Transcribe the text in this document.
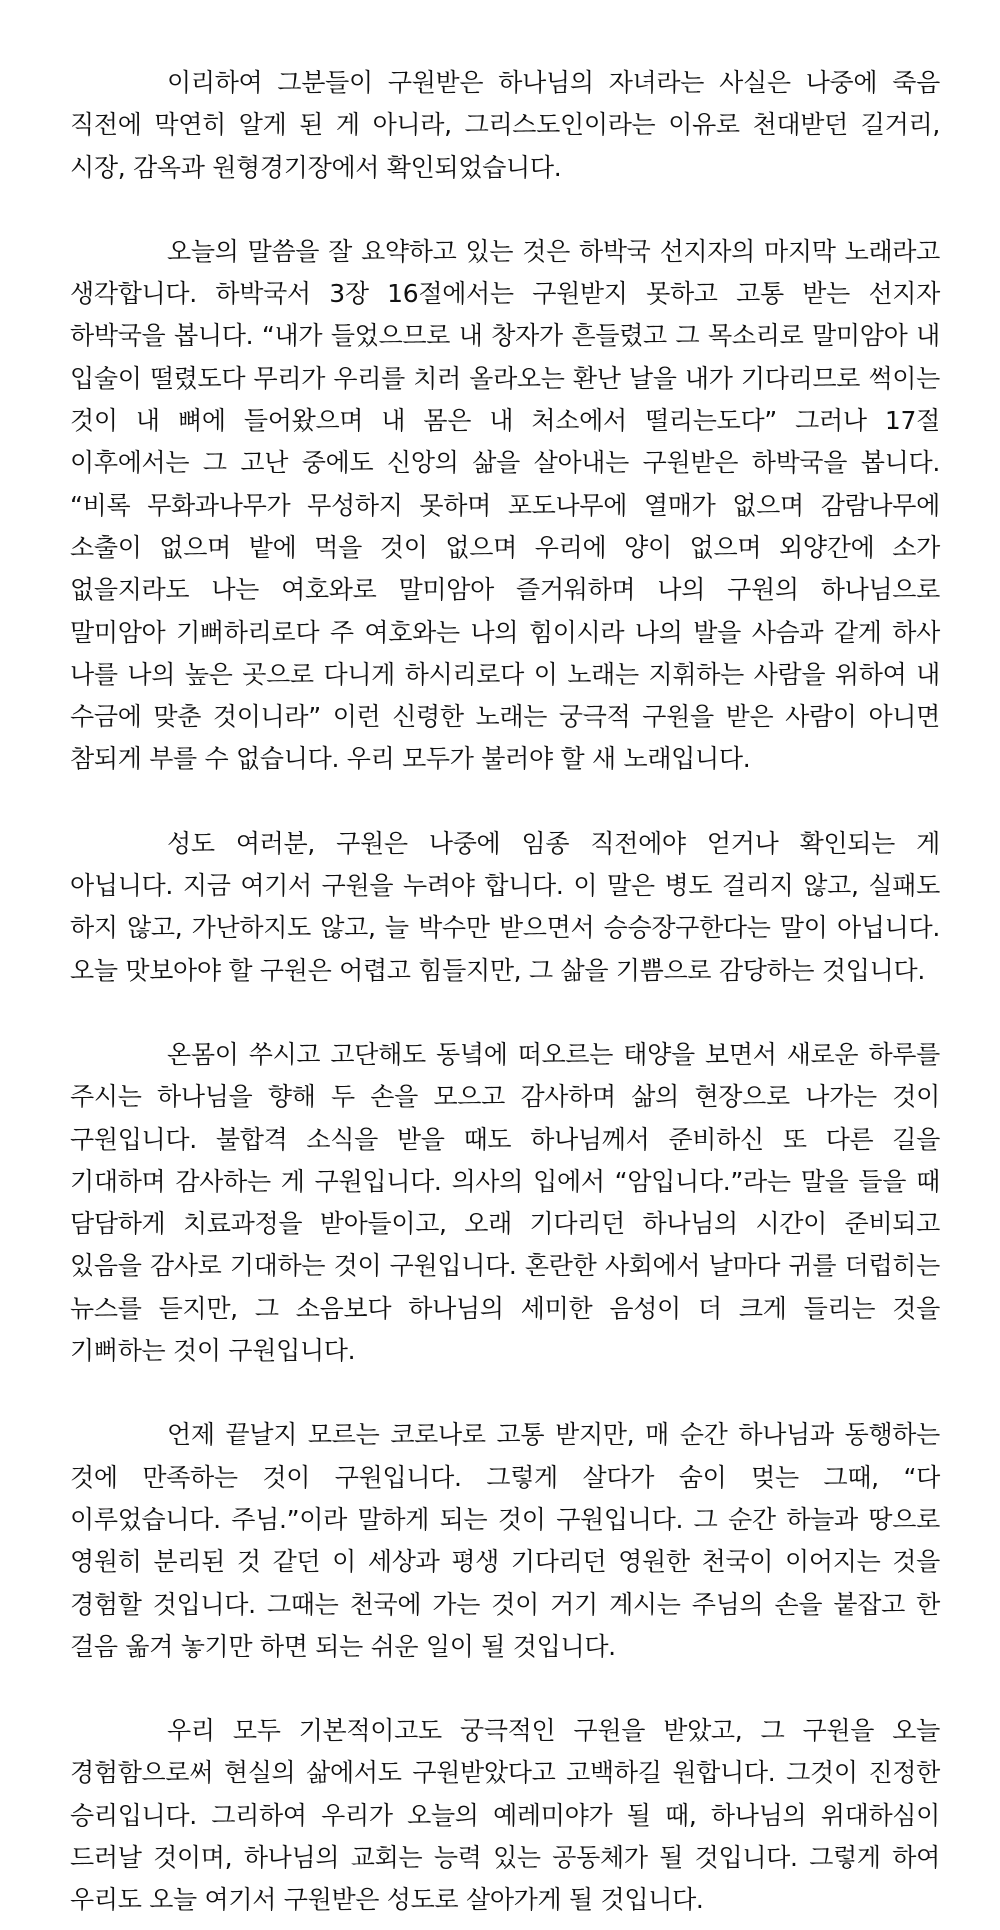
이리하여 그분들이 구원받은 하나님의 자녀라는 사실은 나중에 죽음 직전에 막연히 알게 된 게 아니라, 그리스도인이라는 이유로 천대받던 길거리, 시장, 감옥과 원형경기장에서 확인되었습니다.

오늘의 말씀을 잘 요약하고 있는 것은 하박국 선지자의 마지막 노래라고 생각합니다. 하박국서 3장 16절에서는 구원받지 못하고 고통 받는 선지자 하박국을 봅니다. “내가 들었으므로 내 창자가 흔들렸고 그 목소리로 말미암아 내 입술이 떨렸도다 무리가 우리를 치러 올라오는 환난 날을 내가 기다리므로 썩이는 것이 내 뼈에 들어왔으며 내 몸은 내 처소에서 떨리는도다” 그러나 17절 이후에서는 그 고난 중에도 신앙의 삶을 살아내는 구원받은 하박국을 봅니다. “비록 무화과나무가 무성하지 못하며 포도나무에 열매가 없으며 감람나무에 소출이 없으며 밭에 먹을 것이 없으며 우리에 양이 없으며 외양간에 소가 없을지라도 나는 여호와로 말미암아 즐거워하며 나의 구원의 하나님으로 말미암아 기뻐하리로다 주 여호와는 나의 힘이시라 나의 발을 사슴과 같게 하사 나를 나의 높은 곳으로 다니게 하시리로다 이 노래는 지휘하는 사람을 위하여 내 수금에 맞춘 것이니라” 이런 신령한 노래는 궁극적 구원을 받은 사람이 아니면 참되게 부를 수 없습니다. 우리 모두가 불러야 할 새 노래입니다.

성도 여러분, 구원은 나중에 임종 직전에야 얻거나 확인되는 게 아닙니다. 지금 여기서 구원을 누려야 합니다. 이 말은 병도 걸리지 않고, 실패도 하지 않고, 가난하지도 않고, 늘 박수만 받으면서 승승장구한다는 말이 아닙니다. 오늘 맛보아야 할 구원은 어렵고 힘들지만, 그 삶을 기쁨으로 감당하는 것입니다.

온몸이 쑤시고 고단해도 동녘에 떠오르는 태양을 보면서 새로운 하루를 주시는 하나님을 향해 두 손을 모으고 감사하며 삶의 현장으로 나가는 것이 구원입니다. 불합격 소식을 받을 때도 하나님께서 준비하신 또 다른 길을 기대하며 감사하는 게 구원입니다. 의사의 입에서 “암입니다.”라는 말을 들을 때 담담하게 치료과정을 받아들이고, 오래 기다리던 하나님의 시간이 준비되고 있음을 감사로 기대하는 것이 구원입니다. 혼란한 사회에서 날마다 귀를 더럽히는 뉴스를 듣지만, 그 소음보다 하나님의 세미한 음성이 더 크게 들리는 것을 기뻐하는 것이 구원입니다.

언제 끝날지 모르는 코로나로 고통 받지만, 매 순간 하나님과 동행하는 것에 만족하는 것이 구원입니다. 그렇게 살다가 숨이 멎는 그때, “다 이루었습니다. 주님.”이라 말하게 되는 것이 구원입니다. 그 순간 하늘과 땅으로 영원히 분리된 것 같던 이 세상과 평생 기다리던 영원한 천국이 이어지는 것을 경험할 것입니다. 그때는 천국에 가는 것이 거기 계시는 주님의 손을 붙잡고 한 걸음 옮겨 놓기만 하면 되는 쉬운 일이 될 것입니다.

우리 모두 기본적이고도 궁극적인 구원을 받았고, 그 구원을 오늘 경험함으로써 현실의 삶에서도 구원받았다고 고백하길 원합니다. 그것이 진정한 승리입니다. 그리하여 우리가 오늘의 예레미야가 될 때, 하나님의 위대하심이 드러날 것이며, 하나님의 교회는 능력 있는 공동체가 될 것입니다. 그렇게 하여 우리도 오늘 여기서 구원받은 성도로 살아가게 될 것입니다.
